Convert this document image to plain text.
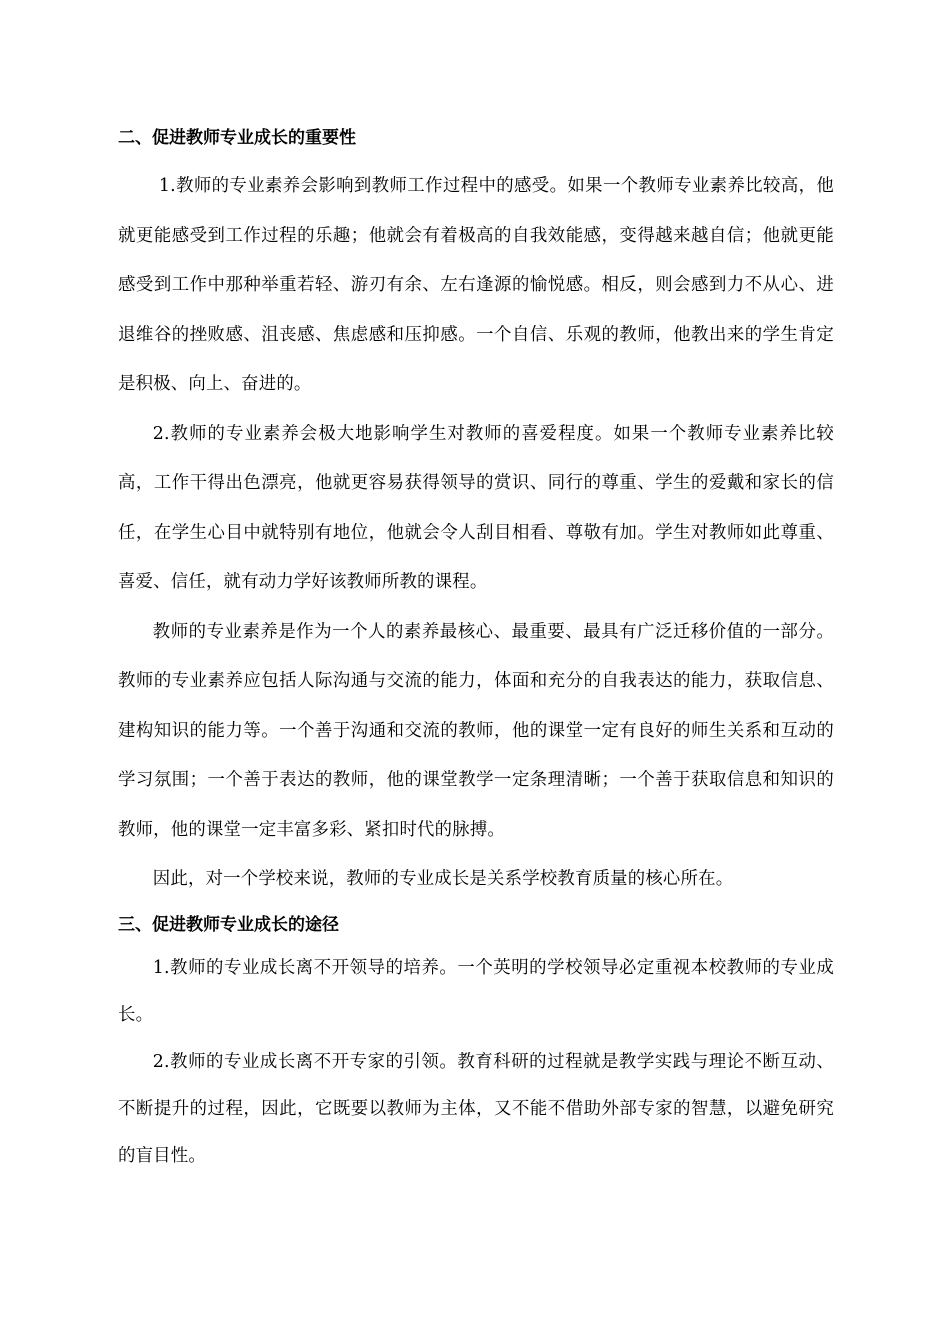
二、促进教师专业成长的重要性

1.教师的专业素养会影响到教师工作过程中的感受。如果一个教师专业素养比较高，他就更能感受到工作过程的乐趣；他就会有着极高的自我效能感，变得越来越自信；他就更能感受到工作中那种举重若轻、游刃有余、左右逢源的愉悦感。相反，则会感到力不从心、进退维谷的挫败感、沮丧感、焦虑感和压抑感。一个自信、乐观的教师，他教出来的学生肯定是积极、向上、奋进的。

2.教师的专业素养会极大地影响学生对教师的喜爱程度。如果一个教师专业素养比较高，工作干得出色漂亮，他就更容易获得领导的赏识、同行的尊重、学生的爱戴和家长的信任，在学生心目中就特别有地位，他就会令人刮目相看、尊敬有加。学生对教师如此尊重、喜爱、信任，就有动力学好该教师所教的课程。

教师的专业素养是作为一个人的素养最核心、最重要、最具有广泛迁移价值的一部分。教师的专业素养应包括人际沟通与交流的能力，体面和充分的自我表达的能力，获取信息、建构知识的能力等。一个善于沟通和交流的教师，他的课堂一定有良好的师生关系和互动的学习氛围；一个善于表达的教师，他的课堂教学一定条理清晰；一个善于获取信息和知识的教师，他的课堂一定丰富多彩、紧扣时代的脉搏。

因此，对一个学校来说，教师的专业成长是关系学校教育质量的核心所在。

三、促进教师专业成长的途径

1.教师的专业成长离不开领导的培养。一个英明的学校领导必定重视本校教师的专业成长。

2.教师的专业成长离不开专家的引领。教育科研的过程就是教学实践与理论不断互动、不断提升的过程，因此，它既要以教师为主体，又不能不借助外部专家的智慧，以避免研究的盲目性。
